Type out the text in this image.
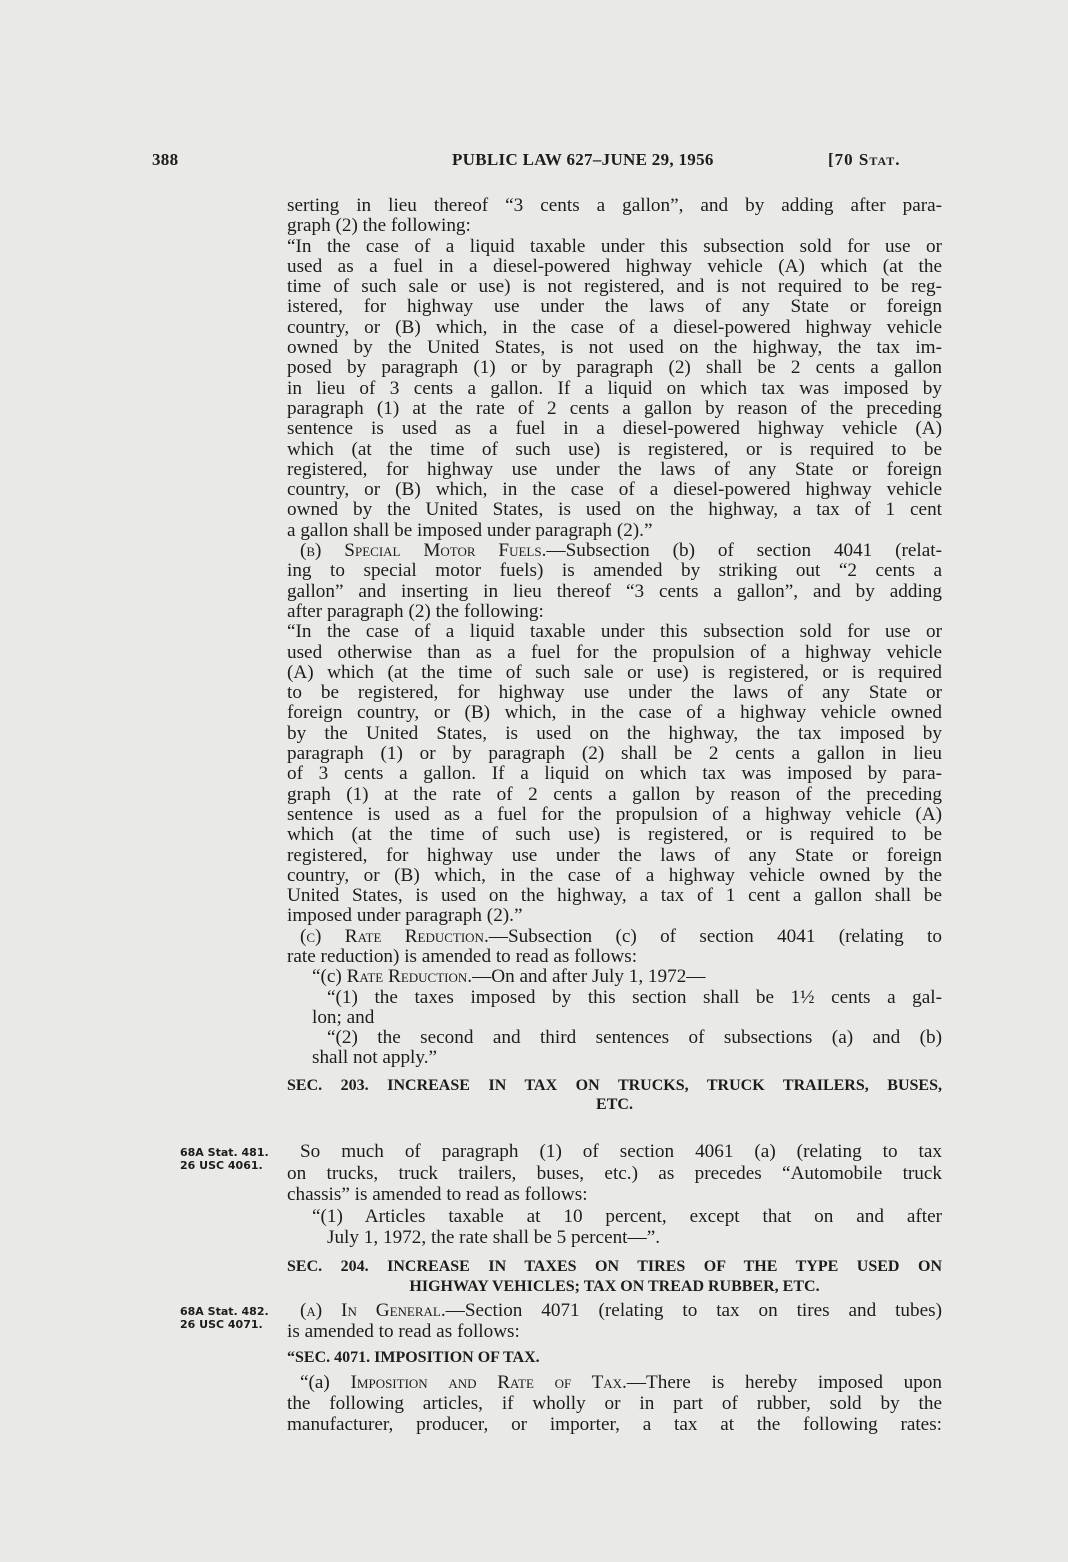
388	PUBLIC LAW 627–JUNE 29, 1956	[70 Stat.
serting in lieu thereof “3 cents a gallon”, and by adding after para-
graph (2) the following:
“In the case of a liquid taxable under this subsection sold for use or
used as a fuel in a diesel-powered highway vehicle (A) which (at the
time of such sale or use) is not registered, and is not required to be reg-
istered, for highway use under the laws of any State or foreign
country, or (B) which, in the case of a diesel-powered highway vehicle
owned by the United States, is not used on the highway, the tax im-
posed by paragraph (1) or by paragraph (2) shall be 2 cents a gallon
in lieu of 3 cents a gallon. If a liquid on which tax was imposed by
paragraph (1) at the rate of 2 cents a gallon by reason of the preceding
sentence is used as a fuel in a diesel-powered highway vehicle (A)
which (at the time of such use) is registered, or is required to be
registered, for highway use under the laws of any State or foreign
country, or (B) which, in the case of a diesel-powered highway vehicle
owned by the United States, is used on the highway, a tax of 1 cent
a gallon shall be imposed under paragraph (2).”
(b) Special Motor Fuels.—Subsection (b) of section 4041 (relat-
ing to special motor fuels) is amended by striking out “2 cents a
gallon” and inserting in lieu thereof “3 cents a gallon”, and by adding
after paragraph (2) the following:
“In the case of a liquid taxable under this subsection sold for use or
used otherwise than as a fuel for the propulsion of a highway vehicle
(A) which (at the time of such sale or use) is registered, or is required
to be registered, for highway use under the laws of any State or
foreign country, or (B) which, in the case of a highway vehicle owned
by the United States, is used on the highway, the tax imposed by
paragraph (1) or by paragraph (2) shall be 2 cents a gallon in lieu
of 3 cents a gallon. If a liquid on which tax was imposed by para-
graph (1) at the rate of 2 cents a gallon by reason of the preceding
sentence is used as a fuel for the propulsion of a highway vehicle (A)
which (at the time of such use) is registered, or is required to be
registered, for highway use under the laws of any State or foreign
country, or (B) which, in the case of a highway vehicle owned by the
United States, is used on the highway, a tax of 1 cent a gallon shall be
imposed under paragraph (2).”
(c) Rate Reduction.—Subsection (c) of section 4041 (relating to
rate reduction) is amended to read as follows:
“(c) Rate Reduction.—On and after July 1, 1972—
“(1) the taxes imposed by this section shall be 1½ cents a gal-
lon; and
“(2) the second and third sentences of subsections (a) and (b)
shall not apply.”
SEC. 203. INCREASE IN TAX ON TRUCKS, TRUCK TRAILERS, BUSES,
ETC.
68A Stat. 481.
26 USC 4061.
So much of paragraph (1) of section 4061 (a) (relating to tax
on trucks, truck trailers, buses, etc.) as precedes “Automobile truck
chassis” is amended to read as follows:
“(1) Articles taxable at 10 percent, except that on and after
July 1, 1972, the rate shall be 5 percent—”.
SEC. 204. INCREASE IN TAXES ON TIRES OF THE TYPE USED ON
HIGHWAY VEHICLES; TAX ON TREAD RUBBER, ETC.
68A Stat. 482.
26 USC 4071.
(a) In General.—Section 4071 (relating to tax on tires and tubes)
is amended to read as follows:
“SEC. 4071. IMPOSITION OF TAX.
“(a) Imposition and Rate of Tax.—There is hereby imposed upon
the following articles, if wholly or in part of rubber, sold by the
manufacturer, producer, or importer, a tax at the following rates:
